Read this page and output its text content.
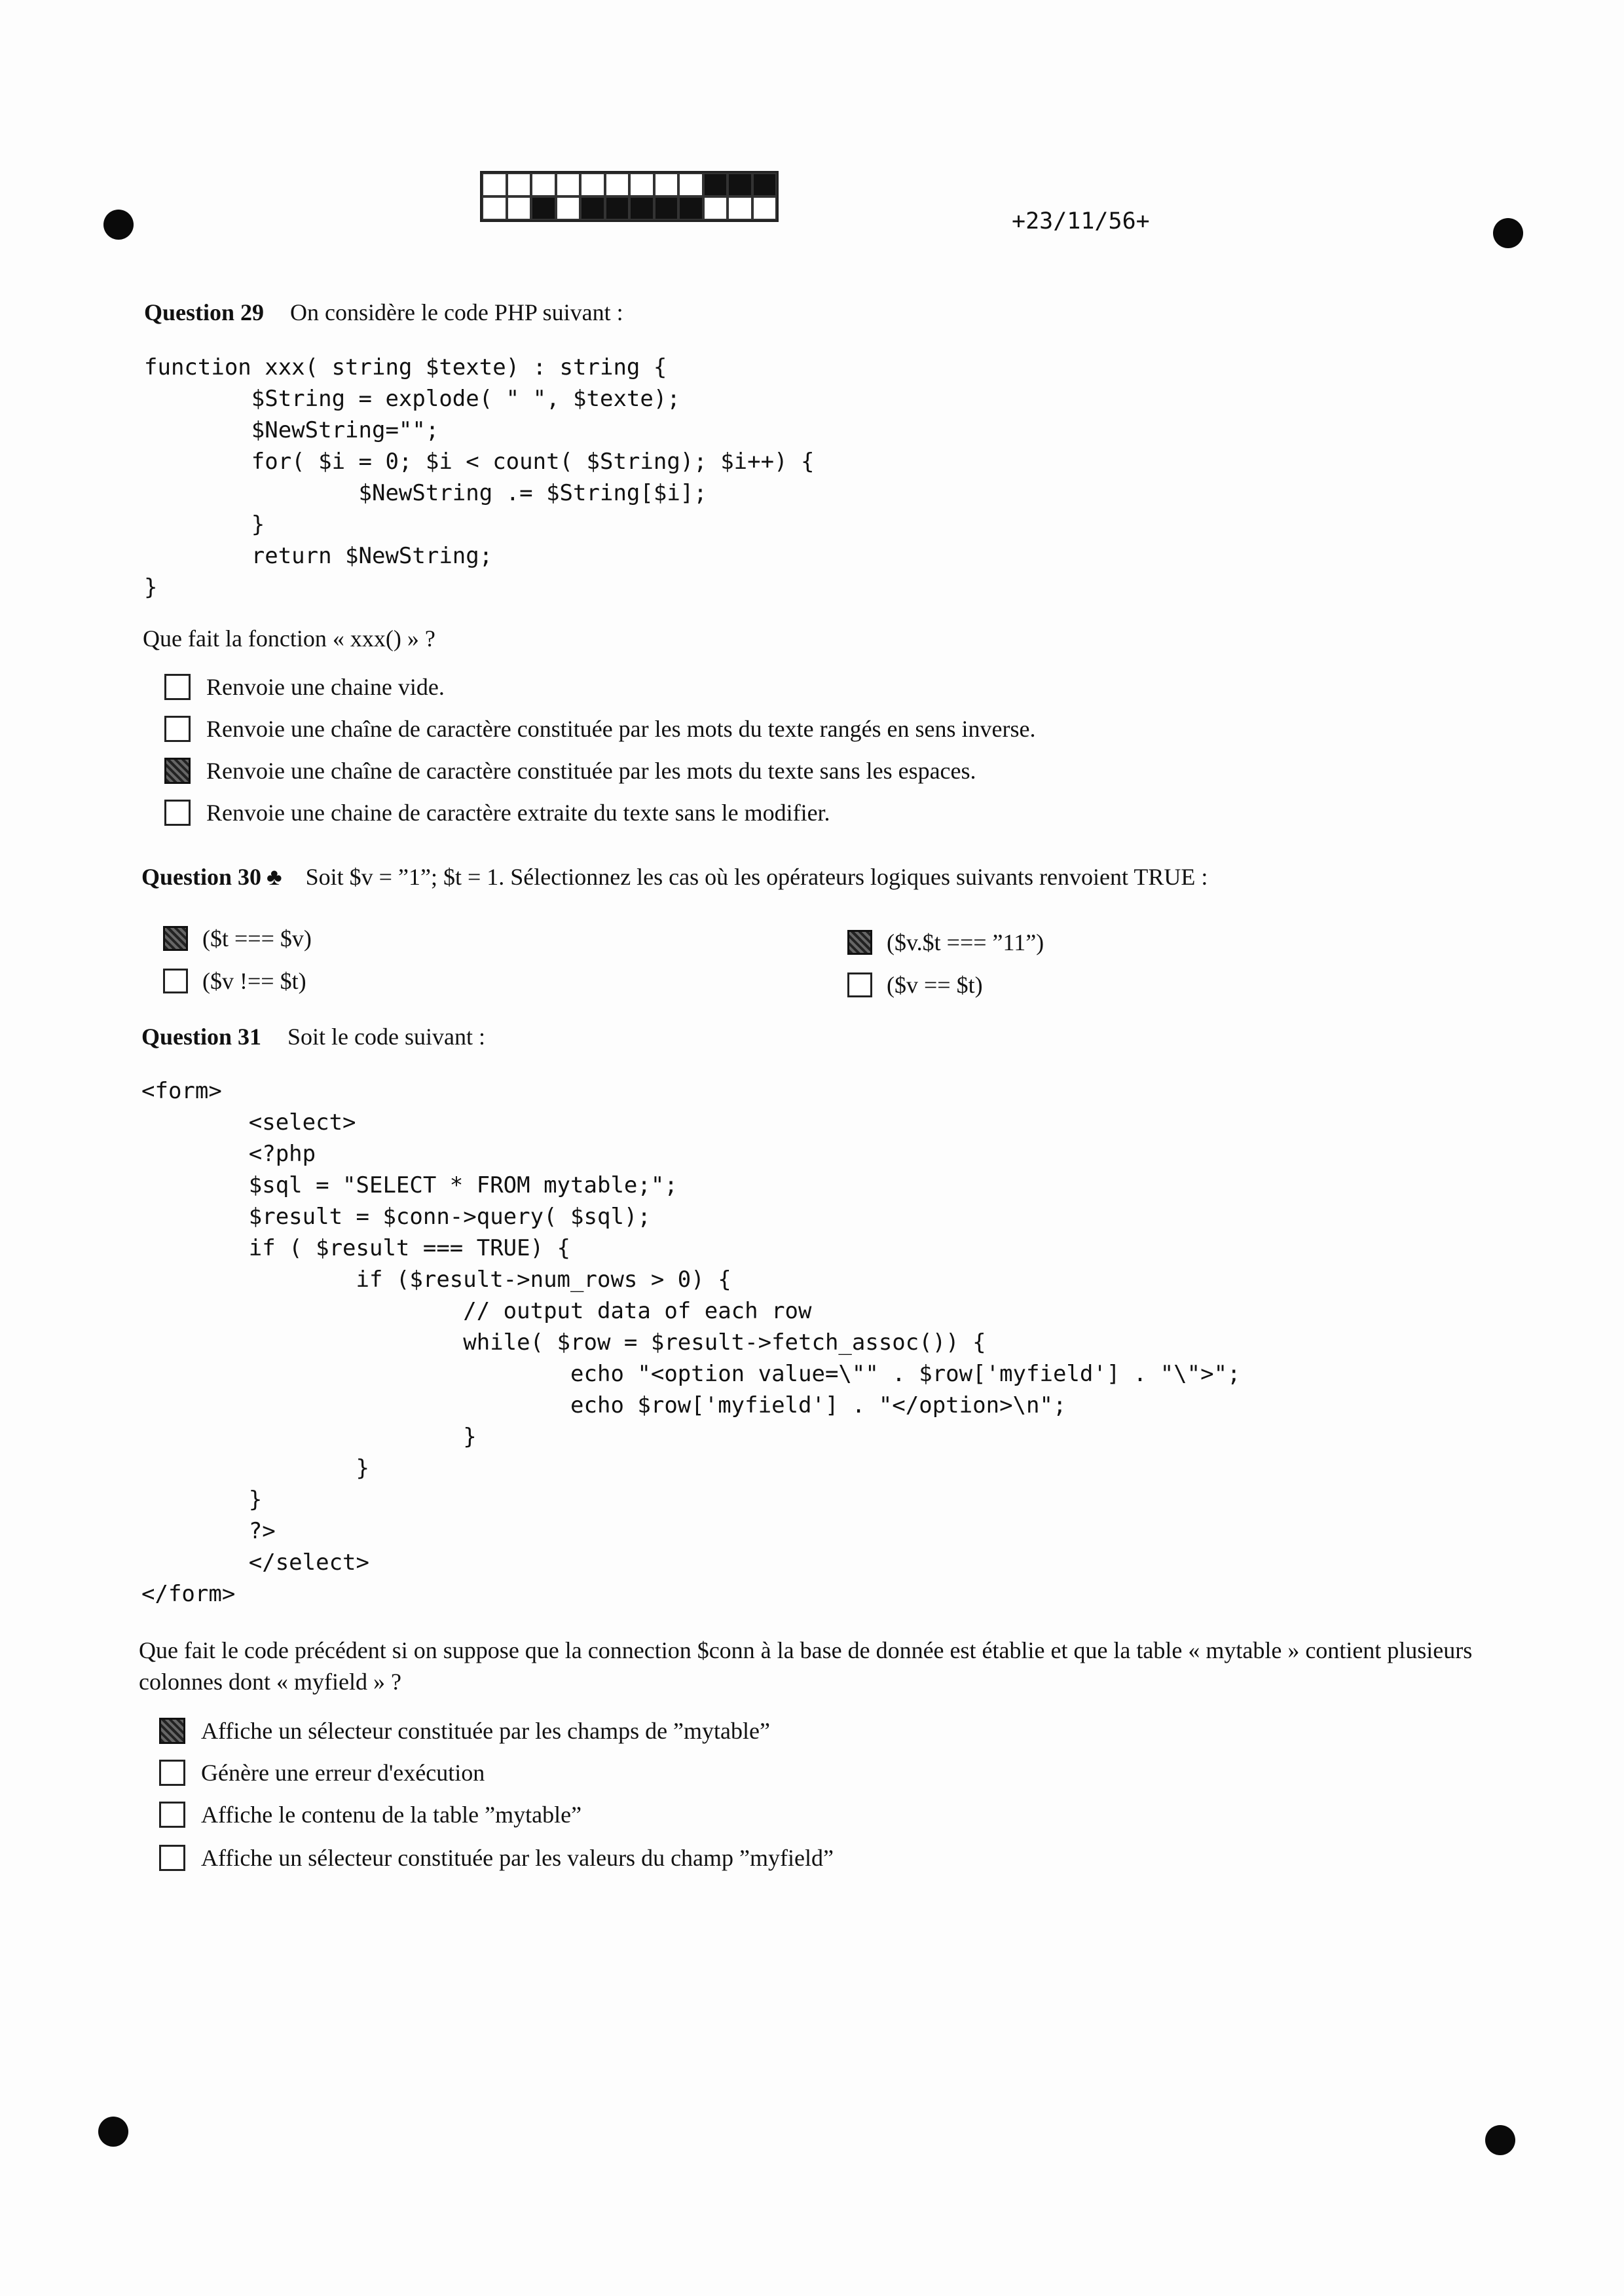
+23/11/56+
Question 29 On considère le code PHP suivant :
function xxx( string $texte) : string {
$String = explode( " ", $texte);
$NewString="";
for( $i = 0; $i < count( $String); $i++) {
$NewString .= $String[$i];
}
return $NewString;
}
Que fait la fonction « xxx() » ?
Renvoie une chaine vide.
Renvoie une chaîne de caractère constituée par les mots du texte rangés en sens inverse.
Renvoie une chaîne de caractère constituée par les mots du texte sans les espaces.
Renvoie une chaine de caractère extraite du texte sans le modifier.
Question 30 ♣ Soit $v = ”1”; $t = 1. Sélectionnez les cas où les opérateurs logiques suivants renvoient TRUE :
($t === $v)
($v !== $t)
($v.$t === ”11”)
($v == $t)
Question 31 Soit le code suivant :
<form>
<select>
<?php
$sql = "SELECT * FROM mytable;";
$result = $conn->query( $sql);
if ( $result === TRUE) {
if ($result->num_rows > 0) {
// output data of each row
while( $row = $result->fetch_assoc()) {
echo "<option value=\"" . $row['myfield'] . "\">";
echo $row['myfield'] . "</option>\n";
}
}
}
?>
</select>
</form>
Que fait le code précédent si on suppose que la connection $conn à la base de donnée est établie et que la table « mytable » contient plusieurs colonnes dont « myfield » ?
Affiche un sélecteur constituée par les champs de ”mytable”
Génère une erreur d'exécution
Affiche le contenu de la table ”mytable”
Affiche un sélecteur constituée par les valeurs du champ ”myfield”
